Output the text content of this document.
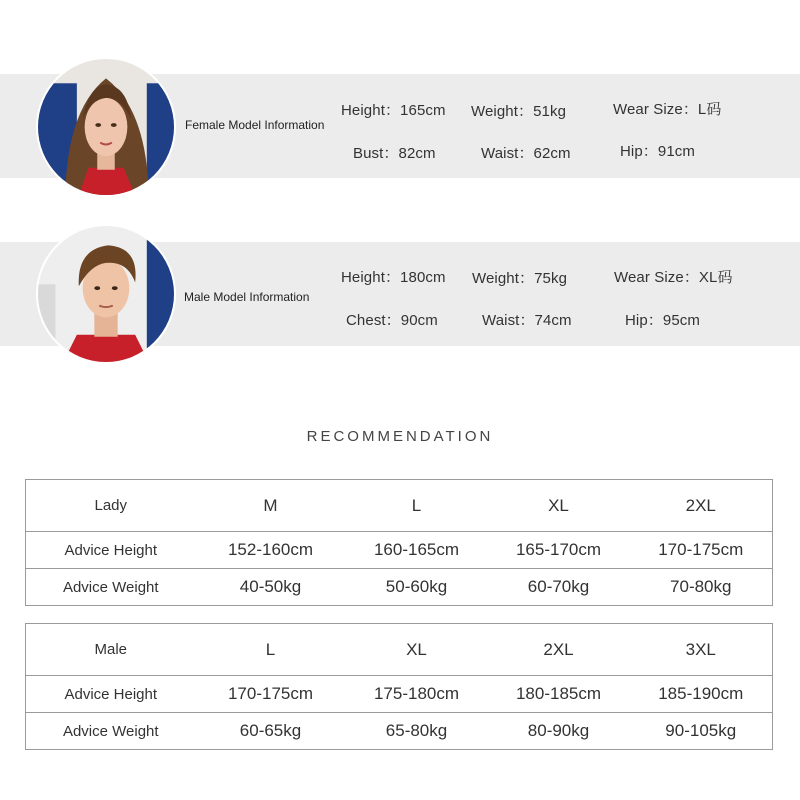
Female Model Information
Height：165cm Weight：51kg	Wear Size：L码
Bust：82cm	Waist：62cm	Hip：91cm
Male Model Information
Height：180cm Weight：75kg	Wear Size：XL码
Chest：90cm	Waist：74cm	Hip：95cm
RECOMMENDATION
Lady	M	L	XL	2XL
Advice Height	152-160cm	160-165cm	165-170cm	170-175cm
Advice Weight	40-50kg	50-60kg	60-70kg	70-80kg
Male	L	XL	2XL	3XL
Advice Height	170-175cm	175-180cm	180-185cm	185-190cm
Advice Weight	60-65kg	65-80kg	80-90kg	90-105kg
